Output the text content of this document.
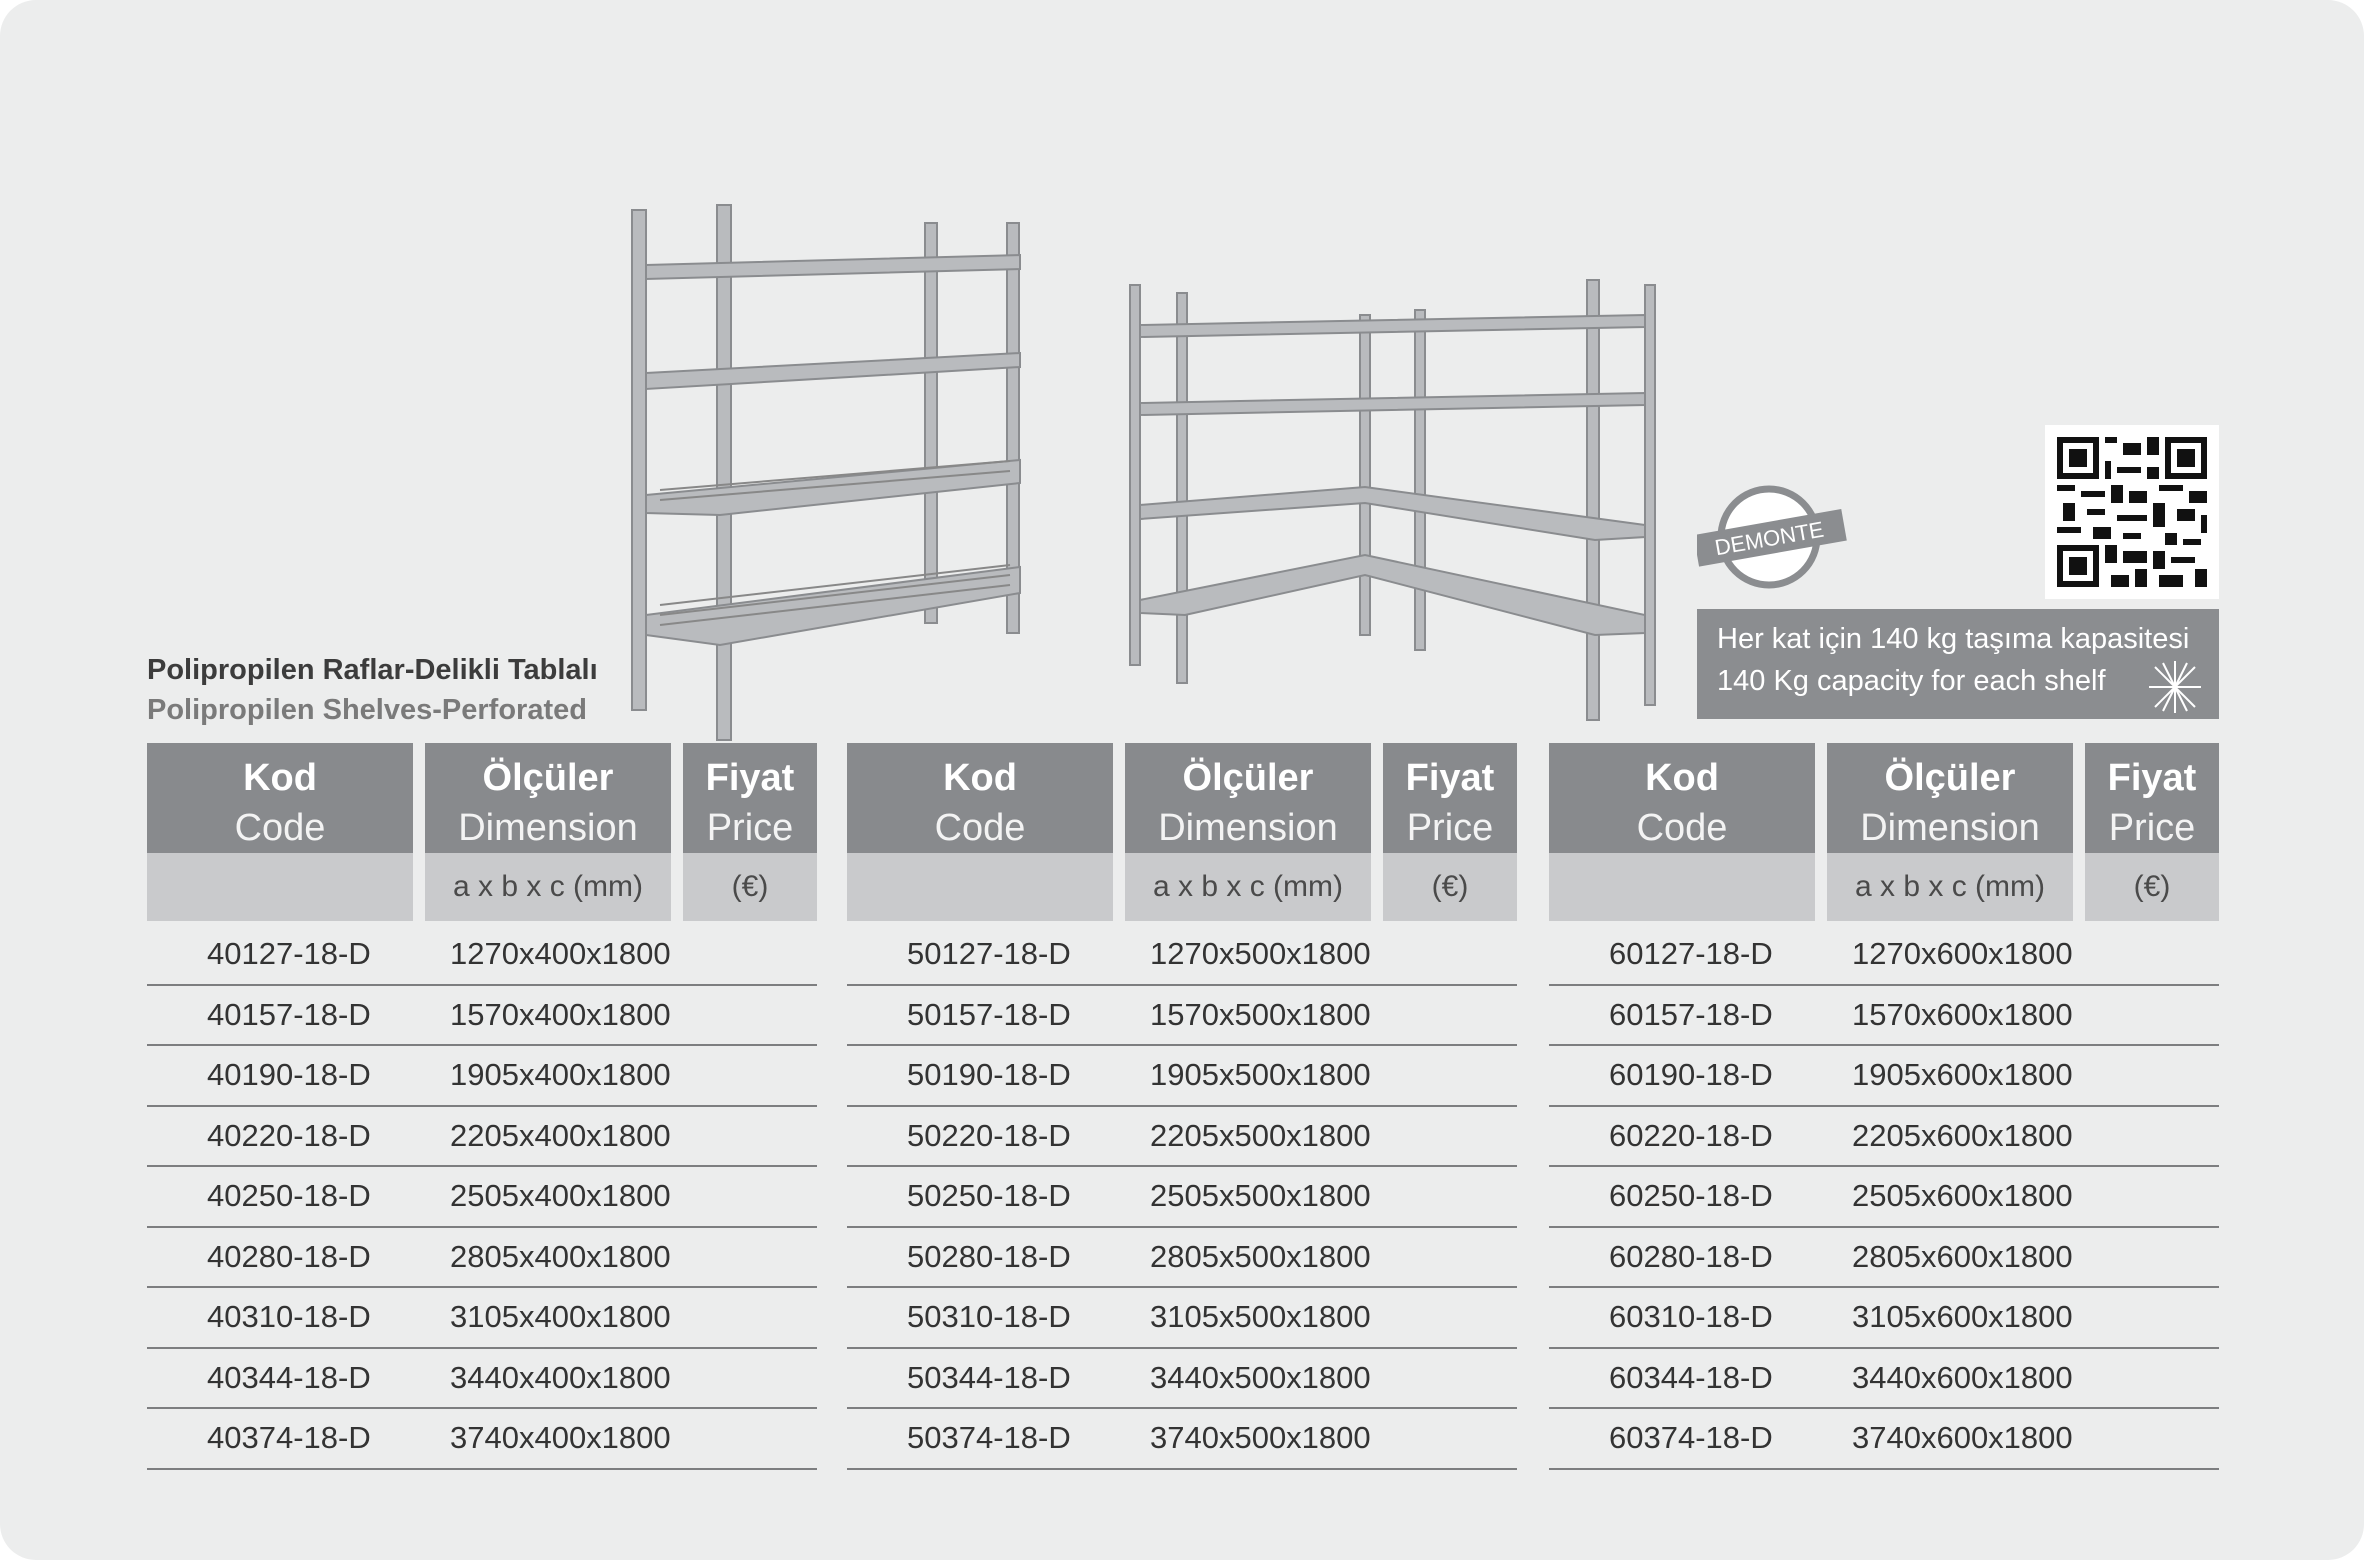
DEMONTE
Her kat için 140 kg taşıma kapasitesi
140 Kg capacity for each shelf
Polipropilen Raflar-Delikli Tablalı
Polipropilen Shelves-Perforated
Kod
Code
Ölçüler
Dimension
a x b x c (mm)
Fiyat
Price
(€)
40127-18-D	1270x400x1800
40157-18-D	1570x400x1800
40190-18-D	1905x400x1800
40220-18-D	2205x400x1800
40250-18-D	2505x400x1800
40280-18-D	2805x400x1800
40310-18-D	3105x400x1800
40344-18-D	3440x400x1800
40374-18-D	3740x400x1800
Kod
Code
Ölçüler
Dimension
a x b x c (mm)
Fiyat
Price
(€)
50127-18-D	1270x500x1800
50157-18-D	1570x500x1800
50190-18-D	1905x500x1800
50220-18-D	2205x500x1800
50250-18-D	2505x500x1800
50280-18-D	2805x500x1800
50310-18-D	3105x500x1800
50344-18-D	3440x500x1800
50374-18-D	3740x500x1800
Kod
Code
Ölçüler
Dimension
a x b x c (mm)
Fiyat
Price
(€)
60127-18-D	1270x600x1800
60157-18-D	1570x600x1800
60190-18-D	1905x600x1800
60220-18-D	2205x600x1800
60250-18-D	2505x600x1800
60280-18-D	2805x600x1800
60310-18-D	3105x600x1800
60344-18-D	3440x600x1800
60374-18-D	3740x600x1800
